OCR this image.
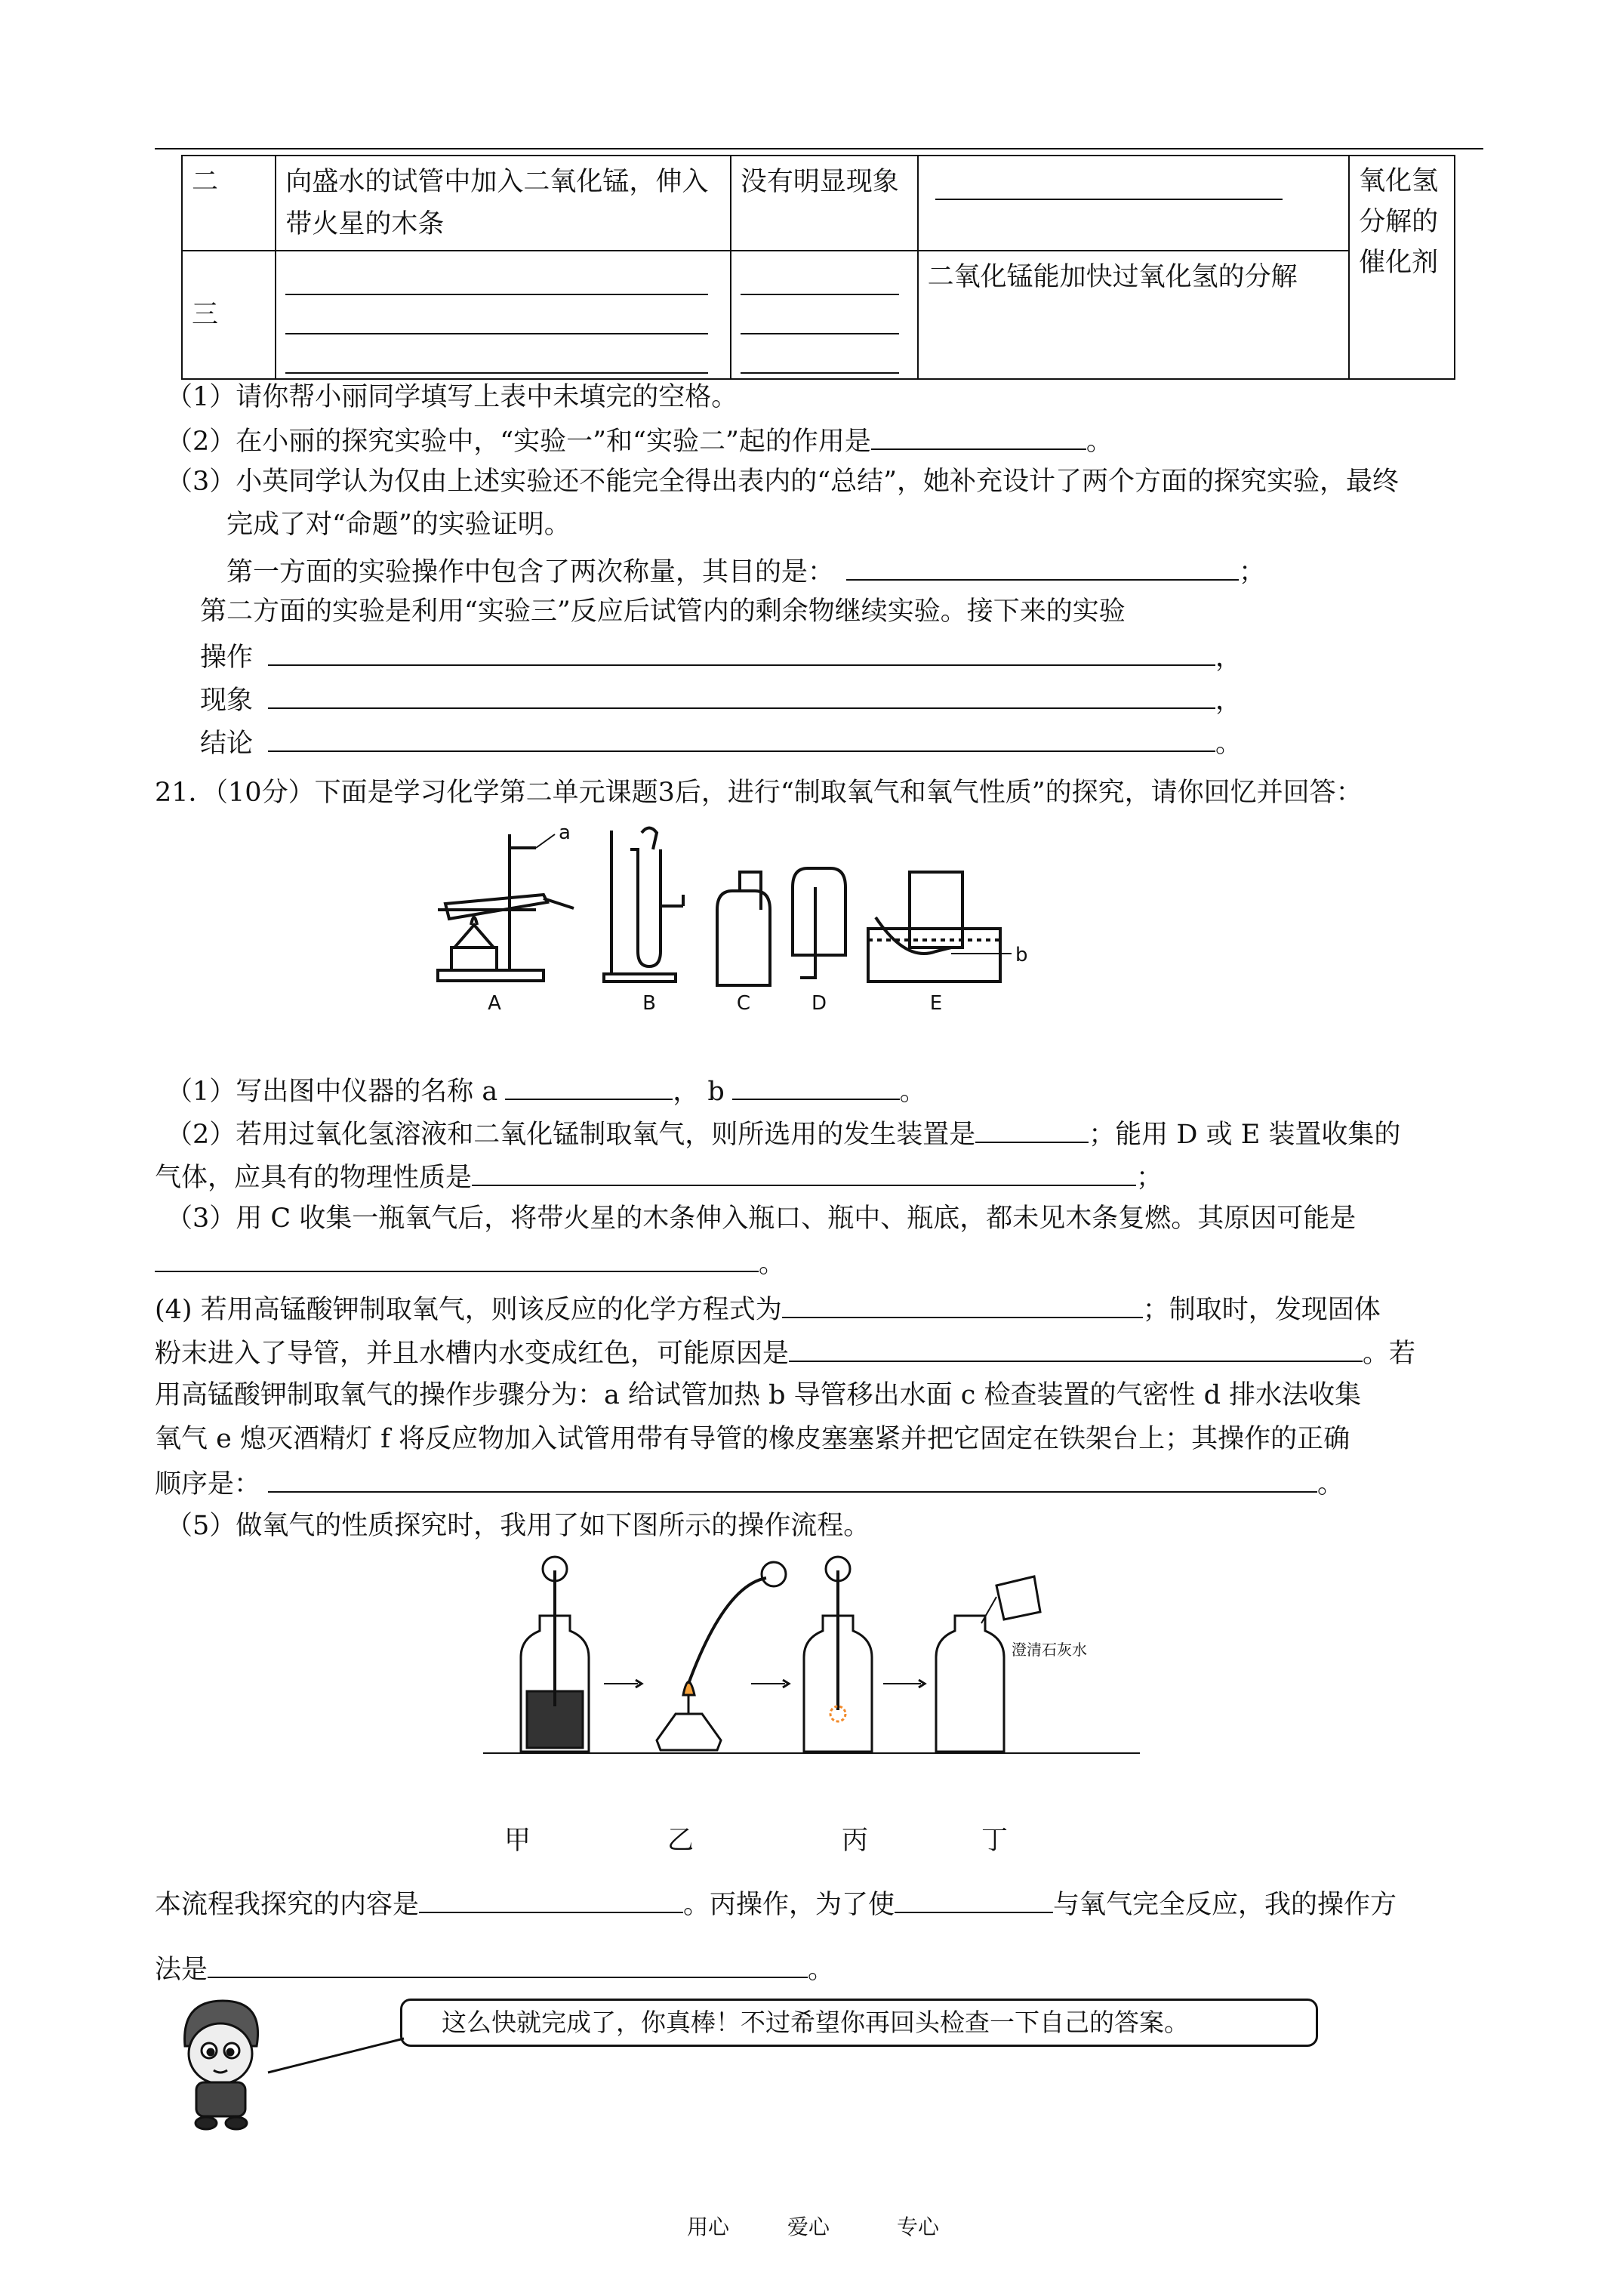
二	向盛水的试管中加入二氧化锰，伸入带火星的木条	没有明显现象		氧化氢分解的催化剂
三			二氧化锰能加快过氧化氢的分解	
（1）请你帮小丽同学填写上表中未填完的空格。
（2）在小丽的探究实验中，“实验一”和“实验二”起的作用是	。
（3）小英同学认为仅由上述实验还不能完全得出表内的“总结”，她补充设计了两个方面的探究实验，最终
完成了对“命题”的实验证明。
第一方面的实验操作中包含了两次称量，其目的是：	；
第二方面的实验是利用“实验三”反应后试管内的剩余物继续实验。接下来的实验
操作	，
现象	，
结论	。
21．（10分）下面是学习化学第二单元课题3后，进行“制取氧气和氧气性质”的探究，请你回忆并回答：
a
b
A	B	C	D	E
（1）写出图中仪器的名称 a	， b	。
（2）若用过氧化氢溶液和二氧化锰制取氧气，则所选用的发生装置是	；能用 D 或 E 装置收集的
气体，应具有的物理性质是	；
（3）用 C 收集一瓶氧气后，将带火星的木条伸入瓶口、瓶中、瓶底，都未见木条复燃。其原因可能是
。
(4) 若用高锰酸钾制取氧气，则该反应的化学方程式为	；制取时，发现固体
粉末进入了导管，并且水槽内水变成红色，可能原因是	。若
用高锰酸钾制取氧气的操作步骤分为：a 给试管加热 b 导管移出水面 c 检查装置的气密性 d 排水法收集
氧气 e 熄灭酒精灯 f 将反应物加入试管用带有导管的橡皮塞塞紧并把它固定在铁架台上；其操作的正确
顺序是：	。
（5）做氧气的性质探究时，我用了如下图所示的操作流程。
澄清石灰水
甲	乙	丙	丁
本流程我探究的内容是	。丙操作，为了使	与氧气完全反应，我的操作方
法是	。
这么快就完成了，你真棒！不过希望你再回头检查一下自己的答案。
用心	爱心	专心
